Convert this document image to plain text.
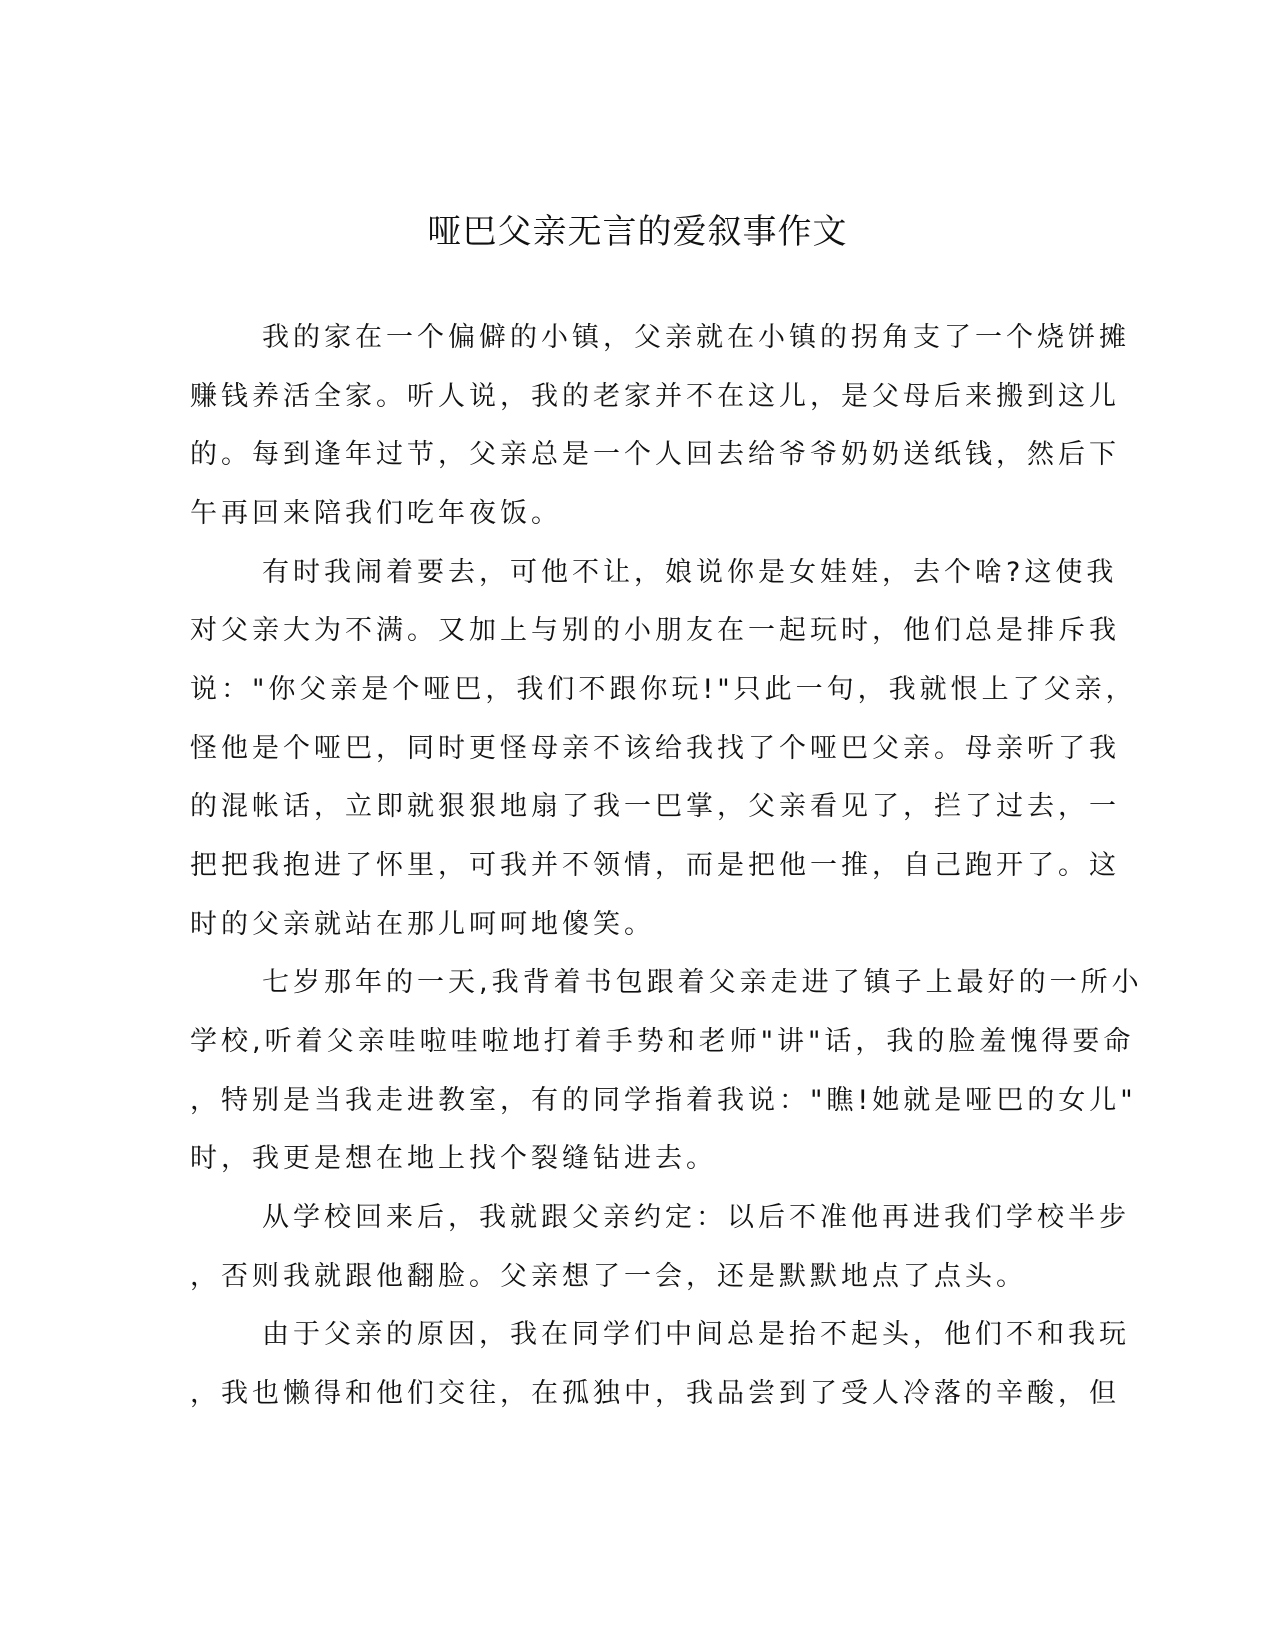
哑巴父亲无言的爱叙事作文
我的家在一个偏僻的小镇，父亲就在小镇的拐角支了一个烧饼摊
赚钱养活全家。听人说，我的老家并不在这儿，是父母后来搬到这儿
的。每到逢年过节，父亲总是一个人回去给爷爷奶奶送纸钱，然后下
午再回来陪我们吃年夜饭。
有时我闹着要去，可他不让，娘说你是女娃娃，去个啥?这使我
对父亲大为不满。又加上与别的小朋友在一起玩时，他们总是排斥我
说："你父亲是个哑巴，我们不跟你玩!"只此一句，我就恨上了父亲，
怪他是个哑巴，同时更怪母亲不该给我找了个哑巴父亲。母亲听了我
的混帐话，立即就狠狠地扇了我一巴掌，父亲看见了，拦了过去，一
把把我抱进了怀里，可我并不领情，而是把他一推，自己跑开了。这
时的父亲就站在那儿呵呵地傻笑。
七岁那年的一天,我背着书包跟着父亲走进了镇子上最好的一所小
学校,听着父亲哇啦哇啦地打着手势和老师"讲"话，我的脸羞愧得要命
，特别是当我走进教室，有的同学指着我说："瞧!她就是哑巴的女儿"
时，我更是想在地上找个裂缝钻进去。
从学校回来后，我就跟父亲约定：以后不准他再进我们学校半步
，否则我就跟他翻脸。父亲想了一会，还是默默地点了点头。
由于父亲的原因，我在同学们中间总是抬不起头，他们不和我玩
，我也懒得和他们交往，在孤独中，我品尝到了受人冷落的辛酸，但
